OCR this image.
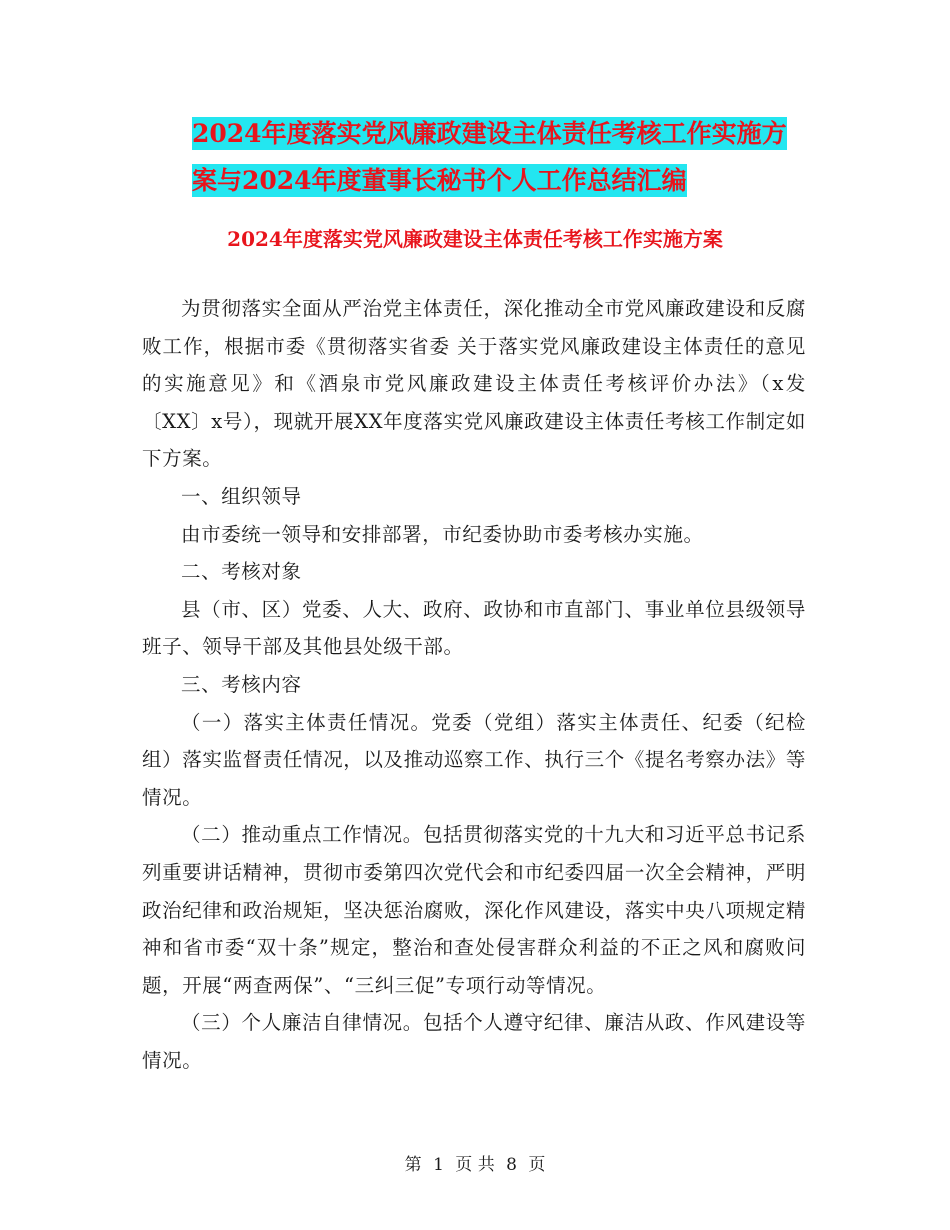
2024年度落实党风廉政建设主体责任考核工作实施方
案与2024年度董事长秘书个人工作总结汇编
2024年度落实党风廉政建设主体责任考核工作实施方案

为贯彻落实全面从严治党主体责任，深化推动全市党风廉政建设和反腐败工作，根据市委《贯彻落实省委 关于落实党风廉政建设主体责任的意见 的实施意见》和《酒泉市党风廉政建设主体责任考核评价办法》（x发〔XX〕x号），现就开展XX年度落实党风廉政建设主体责任考核工作制定如下方案。

一、组织领导

由市委统一领导和安排部署，市纪委协助市委考核办实施。

二、考核对象

县（市、区）党委、人大、政府、政协和市直部门、事业单位县级领导班子、领导干部及其他县处级干部。

三、考核内容

（一）落实主体责任情况。党委（党组）落实主体责任、纪委（纪检组）落实监督责任情况，以及推动巡察工作、执行三个《提名考察办法》等情况。

（二）推动重点工作情况。包括贯彻落实党的十九大和习近平总书记系列重要讲话精神，贯彻市委第四次党代会和市纪委四届一次全会精神，严明政治纪律和政治规矩，坚决惩治腐败，深化作风建设，落实中央八项规定精神和省市委“双十条”规定，整治和查处侵害群众利益的不正之风和腐败问题，开展“两查两保”、“三纠三促”专项行动等情况。

（三）个人廉洁自律情况。包括个人遵守纪律、廉洁从政、作风建设等情况。

第 1 页 共 8 页
